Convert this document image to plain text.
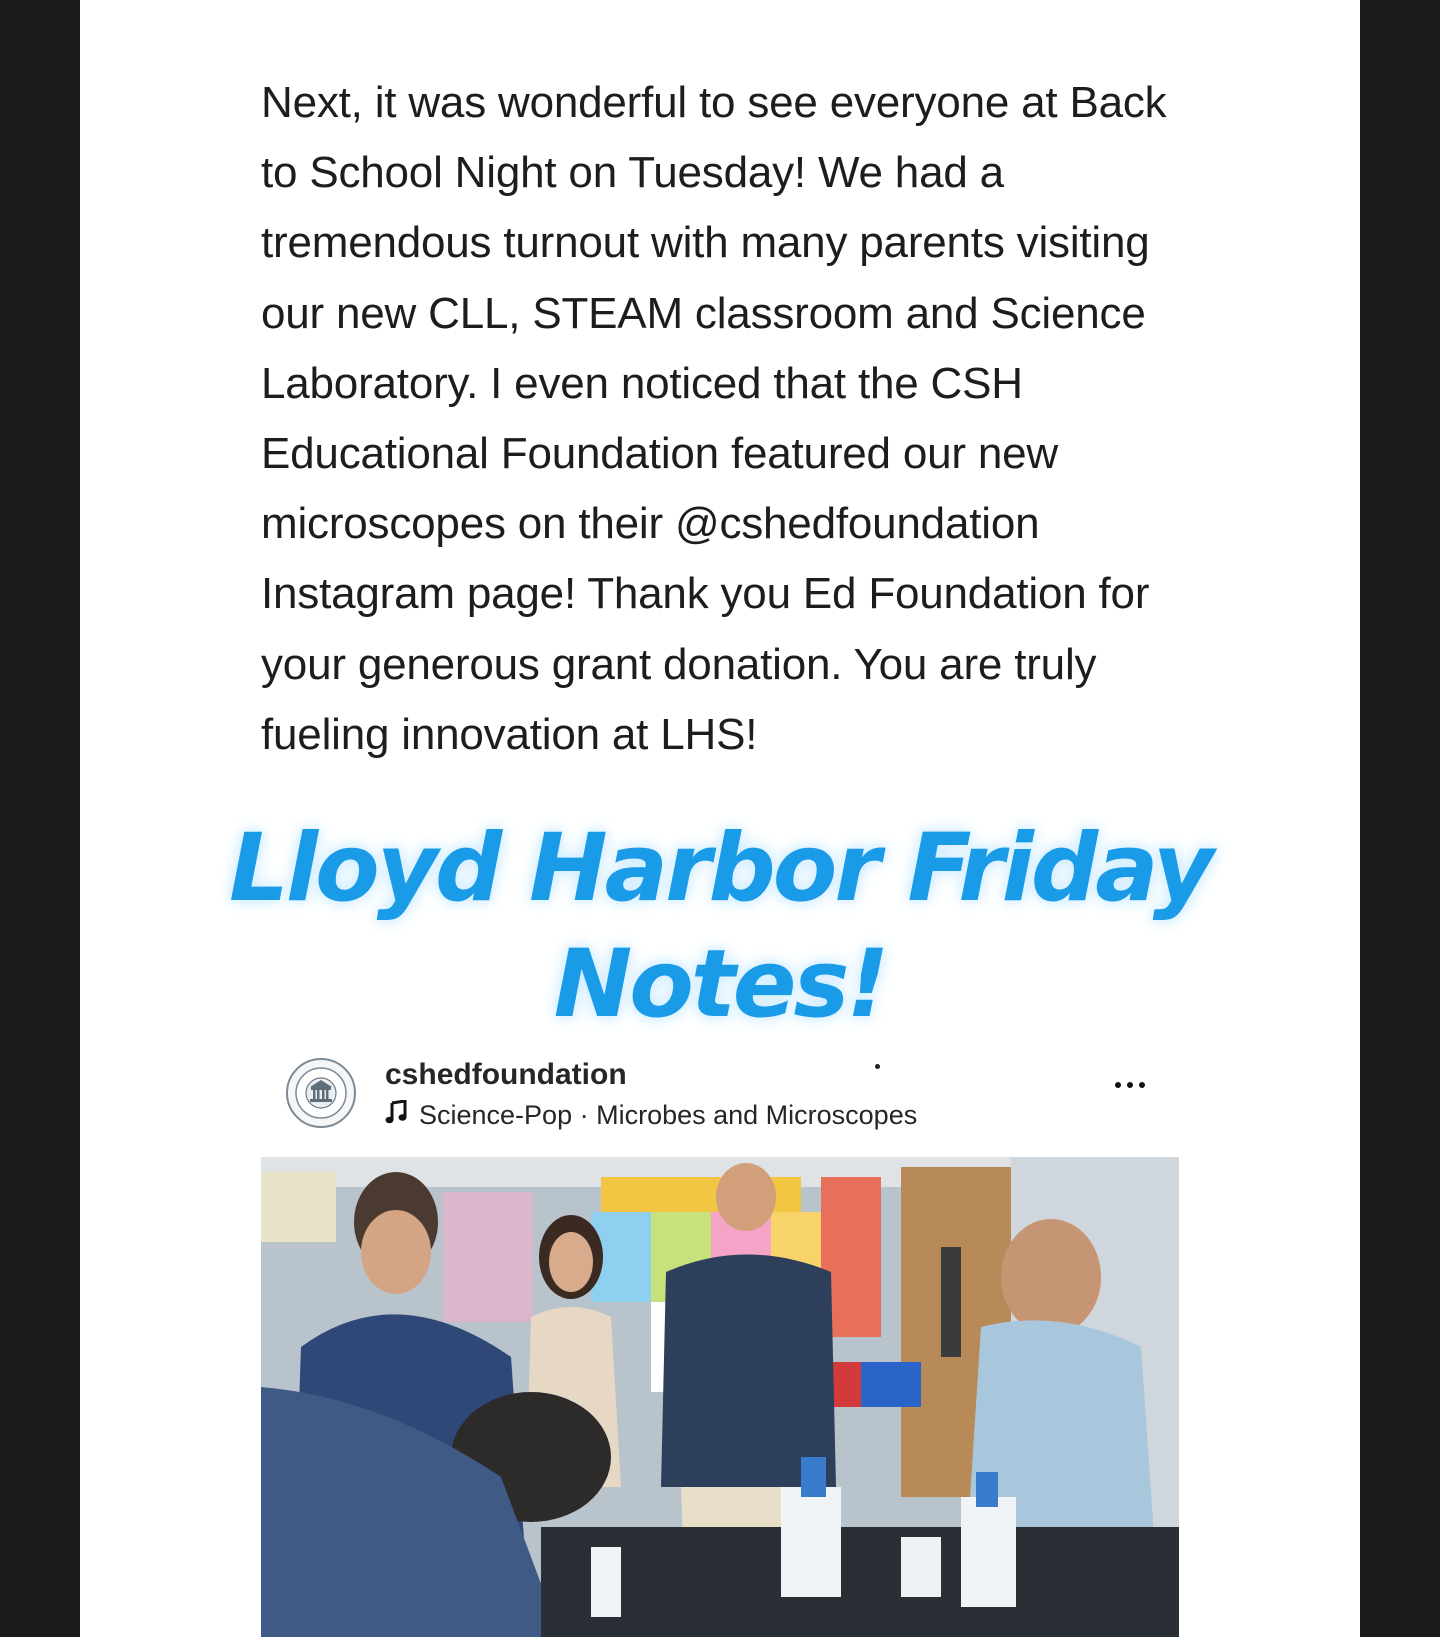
Next, it was wonderful to see everyone at Back to School Night on Tuesday! We had a tremendous turnout with many parents visiting our new CLL, STEAM classroom and Science Laboratory. I even noticed that the CSH Educational Foundation featured our new microscopes on their @cshedfoundation Instagram page! Thank you Ed Foundation for your generous grant donation. You are truly fueling innovation at LHS!

Lloyd Harbor Friday
Notes!
cshedfoundation
Science-Pop · Microbes and Microscopes
